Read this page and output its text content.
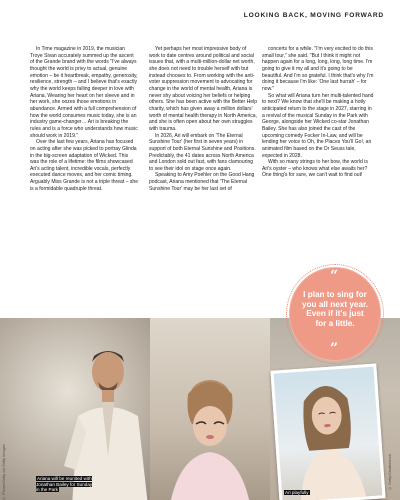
LOOKING BACK, MOVING FORWARD

In Time magazine in 2019, the musician Troye Sivan accurately summed up the ascent of the Grande brand with the words "I've always thought the world is privy to actual, genuine emotion – be it heartbreak, empathy, generosity, resilience, strength – and I believe that's exactly why the world keeps falling deeper in love with Ariana. Wearing her heart on her sleeve and in her work, she oozes those emotions in abundance. Armed with a full comprehension of how the world consumes music today, she is an industry game-changer… Ari is breaking the rules and is a force who understands how music should work in 2019."

Over the last few years, Ariana has focused on acting after she was picked to portray Glinda in the big-screen adaptation of Wicked. This was the role of a lifetime: the films showcased Ari's acting talent, incredible vocals, perfectly executed dance moves, and her comic timing. Arguably Miss Grande is not a triple threat – she is a formidable quadruple threat.

Yet perhaps her most impressive body of work to date centres around political and social issues that, with a multi-million-dollar net worth, she does not need to trouble herself with but instead chooses to. From working with the anti-voter suppression movement to advocating for change in the world of mental health, Ariana is never shy about voicing her beliefs or helping others. She has been active with the Better Help charity, which has given away a million dollars' worth of mental health therapy in North America, and she is often open about her own struggles with trauma.

In 2026, Ari will embark on 'The Eternal Sunshine Tour' (her first in seven years) in support of both Eternal Sunshine and Positions. Predictably, the 41 dates across North America and London sold out fast, with fans clamouring to see their idol on stage once again.

Speaking to Amy Poehler on the Good Hang podcast, Ariana mentioned that 'The Eternal Sunshine Tour' may be her last set of

concerts for a while. "I'm very excited to do this small tour," she said. "But I think it might not happen again for a long, long, long, long time. I'm going to give it my all and it's going to be beautiful. And I'm so grateful. I think that's why I'm doing it because I'm like: 'One last hurrah' – for now."

So what will Ariana turn her multi-talented hand to next? We know that she'll be making a hotly anticipated return to the stage in 2027, starring in a revival of the musical Sunday in the Park with George, alongside her Wicked co-star Jonathan Bailey. She has also joined the cast of the upcoming comedy Focker In-Law, and will be lending her voice to Oh, the Places You'll Go!, an animated film based on the Dr Seuss tale, expected in 2028.

With so many strings to her bow, the world is Ari's oyster – who knows what else awaits her? One thing's for sure, we can't wait to find out!

© Phone/Getty via Getty Images	Ariana will be reunited with Jonathan Bailey for Sunday in the Park
Ari playfully
© Getty/Shutterstock
“
I plan to sing for you all next year. Even if it's just for a little.
”
